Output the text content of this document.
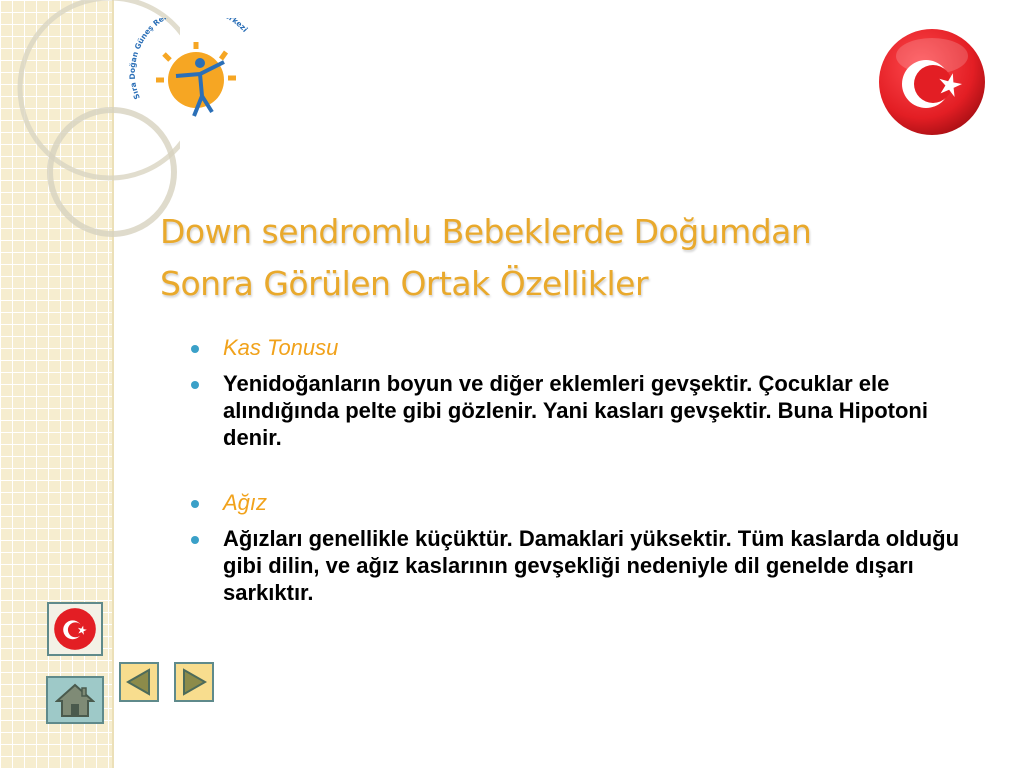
Sıra Doğan Güneş Re rkezi
Down sendromlu Bebeklerde Doğumdan
Sonra Görülen Ortak Özellikler
Kas Tonusu
Yenidoğanların boyun ve diğer eklemleri gevşektir. Çocuklar ele alındığında pelte gibi gözlenir. Yani kasları gevşektir. Buna Hipotoni denir.
Ağız
Ağızları genellikle küçüktür. Damaklari yüksektir. Tüm kaslarda olduğu gibi dilin, ve ağız kaslarının gevşekliği nedeniyle dil genelde dışarı sarkıktır.
